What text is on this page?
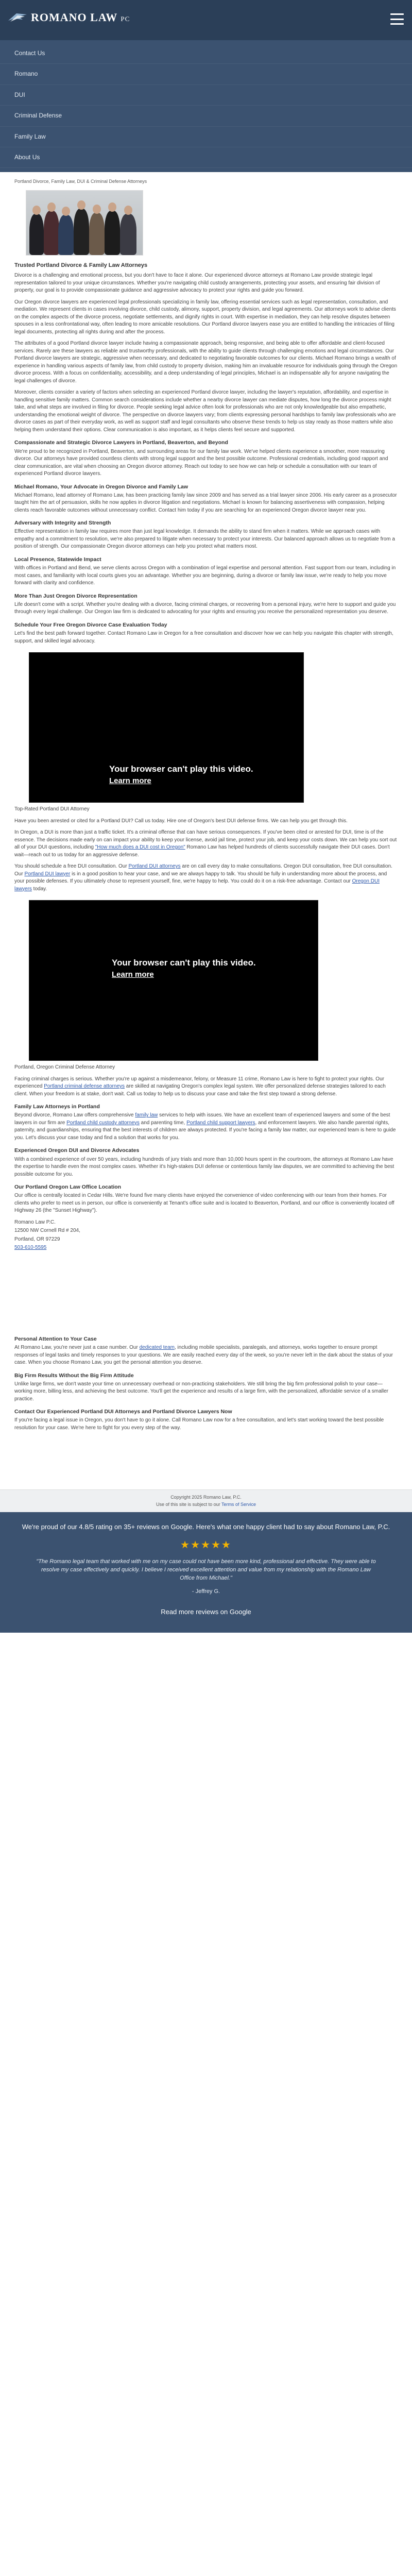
ROMANO LAW PC
Contact Us
Romano
DUI
Criminal Defense
Family Law
About Us
Portland Divorce, Family Law, DUI & Criminal Defense Attorneys
Trusted Portland Divorce & Family Law Attorneys

Divorce is a challenging and emotional process, but you don't have to face it alone. Our experienced divorce attorneys at Romano Law provide strategic legal representation tailored to your unique circumstances. Whether you're navigating child custody arrangements, protecting your assets, and ensuring fair division of property, our goal is to provide compassionate guidance and aggressive advocacy to protect your rights and guide you forward.

Our Oregon divorce lawyers are experienced legal professionals specializing in family law, offering essential services such as legal representation, consultation, and mediation. We represent clients in cases involving divorce, child custody, alimony, support, property division, and legal agreements. Our attorneys work to advise clients on the complex aspects of the divorce process, negotiate settlements, and dignify rights in court. With expertise in mediation, they can help resolve disputes between spouses in a less confrontational way, often leading to more amicable resolutions. Our Portland divorce lawyers ease you are entitled to handling the intricacies of filing legal documents, protecting all rights during and after the process.

The attributes of a good Portland divorce lawyer include having a compassionate approach, being responsive, and being able to offer affordable and client-focused services. Rarely are these lawyers as reliable and trustworthy professionals, with the ability to guide clients through challenging emotions and legal circumstances. Our Portland divorce lawyers are strategic, aggressive when necessary, and dedicated to negotiating favorable outcomes for our clients. Michael Romano brings a wealth of experience in handling various aspects of family law, from child custody to property division, making him an invaluable resource for individuals going through the Oregon divorce process. With a focus on confidentiality, accessibility, and a deep understanding of legal principles, Michael is an indispensable ally for anyone navigating the legal challenges of divorce.

Moreover, clients consider a variety of factors when selecting an experienced Portland divorce lawyer, including the lawyer's reputation, affordability, and expertise in handling sensitive family matters. Common search considerations include whether a nearby divorce lawyer can mediate disputes, how long the divorce process might take, and what steps are involved in filing for divorce. People seeking legal advice often look for professionals who are not only knowledgeable but also empathetic, understanding the emotional weight of divorce. The perspective on divorce lawyers vary; from clients expressing personal hardships to family law professionals who are divorce cases as part of their everyday work, as well as support staff and legal consultants who observe these trends to help us stay ready as those matters while also helping them understand their options. Clear communication is also important, as it helps clients feel secure and supported.

Compassionate and Strategic Divorce Lawyers in Portland, Beaverton, and Beyond

We're proud to be recognized in Portland, Beaverton, and surrounding areas for our family law work. We've helped clients experience a smoother, more reassuring divorce. Our attorneys have provided countless clients with strong legal support and the best possible outcome. Professional credentials, including good rapport and clear communication, are vital when choosing an Oregon divorce attorney. Reach out today to see how we can help or schedule a consultation with our team of experienced Portland divorce lawyers.

Michael Romano, Your Advocate in Oregon Divorce and Family Law

Michael Romano, lead attorney of Romano Law, has been practicing family law since 2009 and has served as a trial lawyer since 2006. His early career as a prosecutor taught him the art of persuasion, skills he now applies in divorce litigation and negotiations. Michael is known for balancing assertiveness with compassion, helping clients reach favorable outcomes without unnecessary conflict. Contact him today if you are searching for an experienced Oregon divorce lawyer near you.

Adversary with Integrity and Strength

Effective representation in family law requires more than just legal knowledge. It demands the ability to stand firm when it matters. While we approach cases with empathy and a commitment to resolution, we're also prepared to litigate when necessary to protect your interests. Our balanced approach allows us to negotiate from a position of strength. Our compassionate Oregon divorce attorneys can help you protect what matters most.

Local Presence, Statewide Impact

With offices in Portland and Bend, we serve clients across Oregon with a combination of legal expertise and personal attention. Fast support from our team, including in most cases, and familiarity with local courts gives you an advantage. Whether you are beginning, during a divorce or family law issue, we're ready to help you move forward with clarity and confidence.

More Than Just Oregon Divorce Representation

Life doesn't come with a script. Whether you're dealing with a divorce, facing criminal charges, or recovering from a personal injury, we're here to support and guide you through every legal challenge. Our Oregon law firm is dedicated to advocating for your rights and ensuring you receive the personalized representation you deserve.

Schedule Your Free Oregon Divorce Case Evaluation Today

Let's find the best path forward together. Contact Romano Law in Oregon for a free consultation and discover how we can help you navigate this chapter with strength, support, and skilled legal advocacy.

Your browser can't play this video.
Learn more
Top-Rated Portland DUI Attorney

Have you been arrested or cited for a Portland DUI? Call us today. Hire one of Oregon's best DUI defense firms. We can help you get through this.

In Oregon, a DUI is more than just a traffic ticket. It's a criminal offense that can have serious consequences. If you've been cited or arrested for DUI, time is of the essence. The decisions made early on can impact your ability to keep your license, avoid jail time, protect your job, and keep your costs down. We can help you sort out all of your DUI questions, including "How much does a DUI cost in Oregon" Romano Law has helped hundreds of clients successfully navigate their DUI cases. Don't wait—reach out to us today for an aggressive defense.

You should schedule a free DUI consultation. Our Portland DUI attorneys are on call every day to make consultations. Oregon DUI consultation, free DUI consultation. Our Portland DUI lawyer is in a good position to hear your case, and we are always happy to talk. You should be fully in understanding more about the process, and your possible defenses. If you ultimately chose to represent yourself, fine, we're happy to help. You could do it on a risk-free advantage. Contact our Oregon DUI lawyers today.

Your browser can't play this video.
Learn more
Portland, Oregon Criminal Defense Attorney

Facing criminal charges is serious. Whether you're up against a misdemeanor, felony, or Measure 11 crime, Romano Law is here to fight to protect your rights. Our experienced Portland criminal defense attorneys are skilled at navigating Oregon's complex legal system. We offer personalized defense strategies tailored to each client. When your freedom is at stake, don't wait. Call us today to help us to discuss your case and take the first step toward a strong defense.

Family Law Attorneys in Portland

Beyond divorce, Romano Law offers comprehensive family law services to help with issues. We have an excellent team of experienced lawyers and some of the best lawyers in our firm are Portland child custody attorneys and parenting time, Portland child support lawyers, and enforcement lawyers. We also handle parental rights, paternity, and guardianships, ensuring that the best interests of children are always protected. If you're facing a family law matter, our experienced team is here to guide you. Let's discuss your case today and find a solution that works for you.

Experienced Oregon DUI and Divorce Advocates

With a combined experience of over 50 years, including hundreds of jury trials and more than 10,000 hours spent in the courtroom, the attorneys at Romano Law have the expertise to handle even the most complex cases. Whether it's high-stakes DUI defense or contentious family law disputes, we are committed to achieving the best possible outcome for you.

Our Portland Oregon Law Office Location

Our office is centrally located in Cedar Hills. We're found five many clients have enjoyed the convenience of video conferencing with our team from their homes. For clients who prefer to meet us in person, our office is conveniently at Tenant's office suite and is located to Beaverton, Portland, and our office is conveniently located off Highway 26 (the "Sunset Highway").

Romano Law P.C.

12500 NW Cornell Rd # 204,

Portland, OR 97229

503-610-5595

Personal Attention to Your Case

At Romano Law, you're never just a case number. Our dedicated team, including mobile specialists, paralegals, and attorneys, works together to ensure prompt responses of legal tasks and timely responses to your questions. We are easily reached every day of the week, so you're never left in the dark about the status of your case. When you choose Romano Law, you get the personal attention you deserve.

Big Firm Results Without the Big Firm Attitude

Unlike large firms, we don't waste your time on unnecessary overhead or non-practicing stakeholders. We still bring the big firm professional polish to your case—working more, billing less, and achieving the best outcome. You'll get the experience and results of a large firm, with the personalized, affordable service of a smaller practice.

Contact Our Experienced Portland DUI Attorneys and Portland Divorce Lawyers Now

If you're facing a legal issue in Oregon, you don't have to go it alone. Call Romano Law now for a free consultation, and let's start working toward the best possible resolution for your case. We're here to fight for you every step of the way.

Copyright 2025 Romano Law, P.C.
Use of this site is subject to our Terms of Service

We're proud of our 4.8/5 rating on 35+ reviews on Google. Here's what one happy client had to say about Romano Law, P.C.

★★★★★

"The Romano legal team that worked with me on my case could not have been more kind, professional and effective. They were able to resolve my case effectively and quickly. I believe I received excellent attention and value from my relationship with the Romano Law Office from Michael."

- Jeffrey G.
Read more reviews on Google
